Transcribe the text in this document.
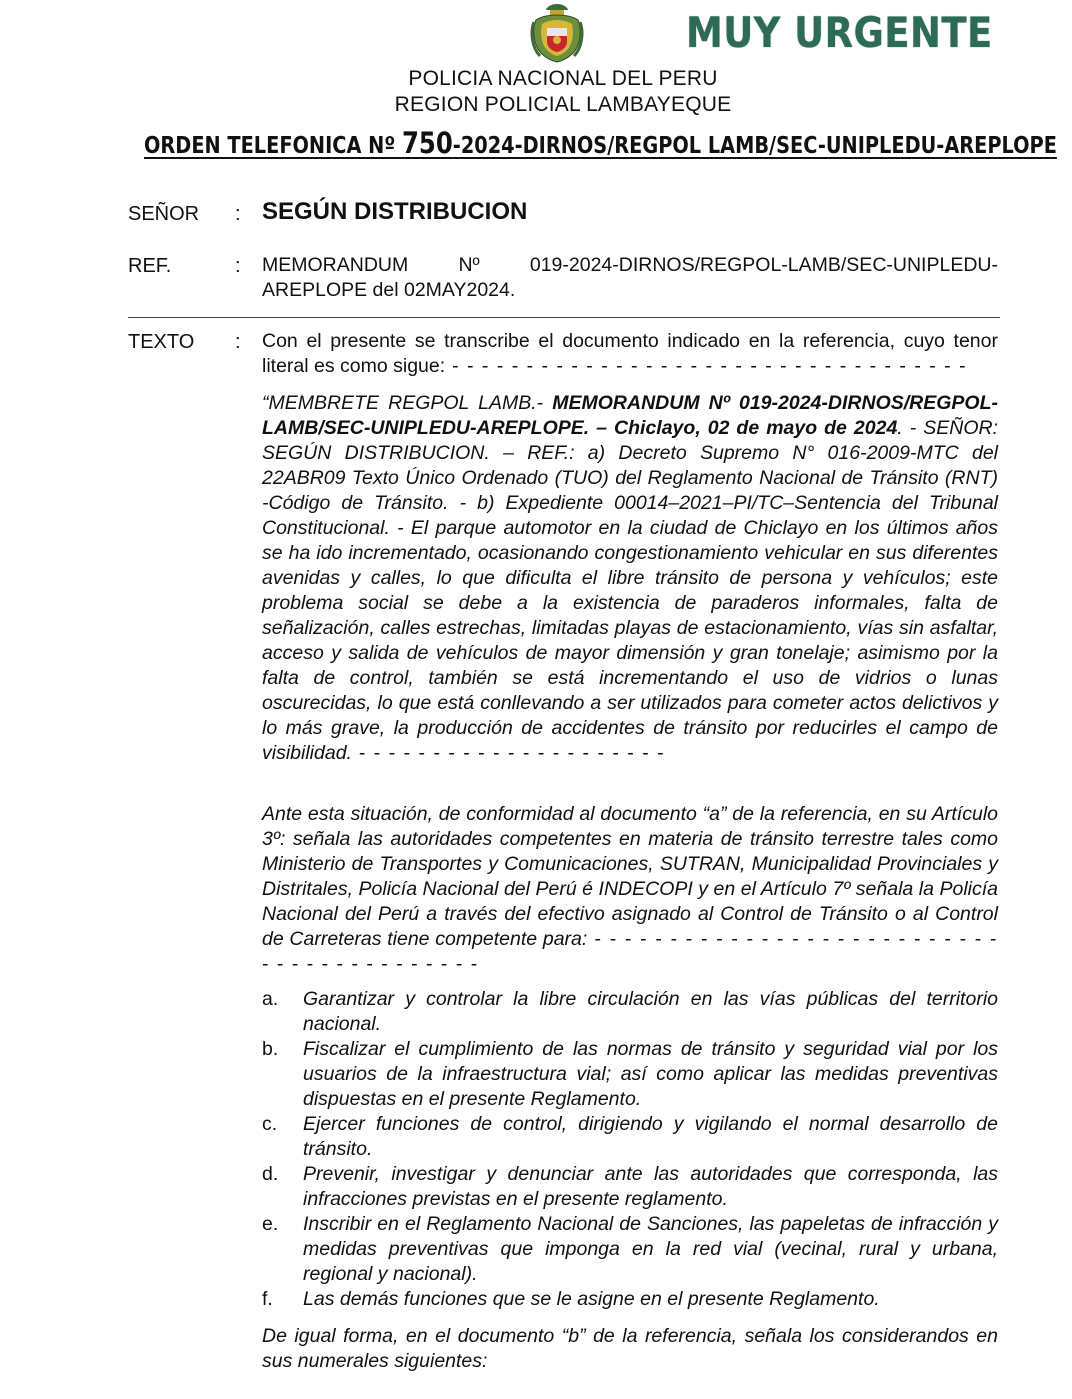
MUY URGENTE
POLICIA NACIONAL DEL PERU
REGION POLICIAL LAMBAYEQUE
ORDEN TELEFONICA Nº 750-2024-DIRNOS/REGPOL LAMB/SEC-UNIPLEDU-AREPLOPE
SEÑOR : SEGÚN DISTRIBUCION
REF.	: MEMORANDUM Nº 019-2024-DIRNOS/REGPOL-LAMB/SEC-UNIPLEDU-AREPLOPE del 02MAY2024.
TEXTO : Con el presente se transcribe el documento indicado en la referencia, cuyo tenor literal es como sigue: - - - - - - - - - - - - - - - - - - - - - - - - - - - - - - - - - - -
“MEMBRETE REGPOL LAMB.- MEMORANDUM Nº 019-2024-DIRNOS/REGPOL-LAMB/SEC-UNIPLEDU-AREPLOPE. – Chiclayo, 02 de mayo de 2024. - SEÑOR: SEGÚN DISTRIBUCION. – REF.: a) Decreto Supremo N° 016-2009-MTC del 22ABR09 Texto Único Ordenado (TUO) del Reglamento Nacional de Tránsito (RNT) -Código de Tránsito. - b) Expediente 00014–2021–PI/TC–Sentencia del Tribunal Constitucional. - El parque automotor en la ciudad de Chiclayo en los últimos años se ha ido incrementado, ocasionando congestionamiento vehicular en sus diferentes avenidas y calles, lo que dificulta el libre tránsito de persona y vehículos; este problema social se debe a la existencia de paraderos informales, falta de señalización, calles estrechas, limitadas playas de estacionamiento, vías sin asfaltar, acceso y salida de vehículos de mayor dimensión y gran tonelaje; asimismo por la falta de control, también se está incrementando el uso de vidrios o lunas oscurecidas, lo que está conllevando a ser utilizados para cometer actos delictivos y lo más grave, la producción de accidentes de tránsito por reducirles el campo de visibilidad. - - - - - - - - - - - - - - - - - - - - -
Ante esta situación, de conformidad al documento “a” de la referencia, en su Artículo 3º: señala las autoridades competentes en materia de tránsito terrestre tales como Ministerio de Transportes y Comunicaciones, SUTRAN, Municipalidad Provinciales y Distritales, Policía Nacional del Perú é INDECOPI y en el Artículo 7º señala la Policía Nacional del Perú a través del efectivo asignado al Control de Tránsito o al Control de Carreteras tiene competente para: - - - - - - - - - - - - - - - - - - - - - - - - - - - - - - - - - - - - - - - - - -
a. Garantizar y controlar la libre circulación en las vías públicas del territorio nacional.
b. Fiscalizar el cumplimiento de las normas de tránsito y seguridad vial por los usuarios de la infraestructura vial; así como aplicar las medidas preventivas dispuestas en el presente Reglamento.
c. Ejercer funciones de control, dirigiendo y vigilando el normal desarrollo de tránsito.
d. Prevenir, investigar y denunciar ante las autoridades que corresponda, las infracciones previstas en el presente reglamento.
e. Inscribir en el Reglamento Nacional de Sanciones, las papeletas de infracción y medidas preventivas que imponga en la red vial (vecinal, rural y urbana, regional y nacional).
f. Las demás funciones que se le asigne en el presente Reglamento.
De igual forma, en el documento “b” de la referencia, señala los considerandos en sus numerales siguientes:
